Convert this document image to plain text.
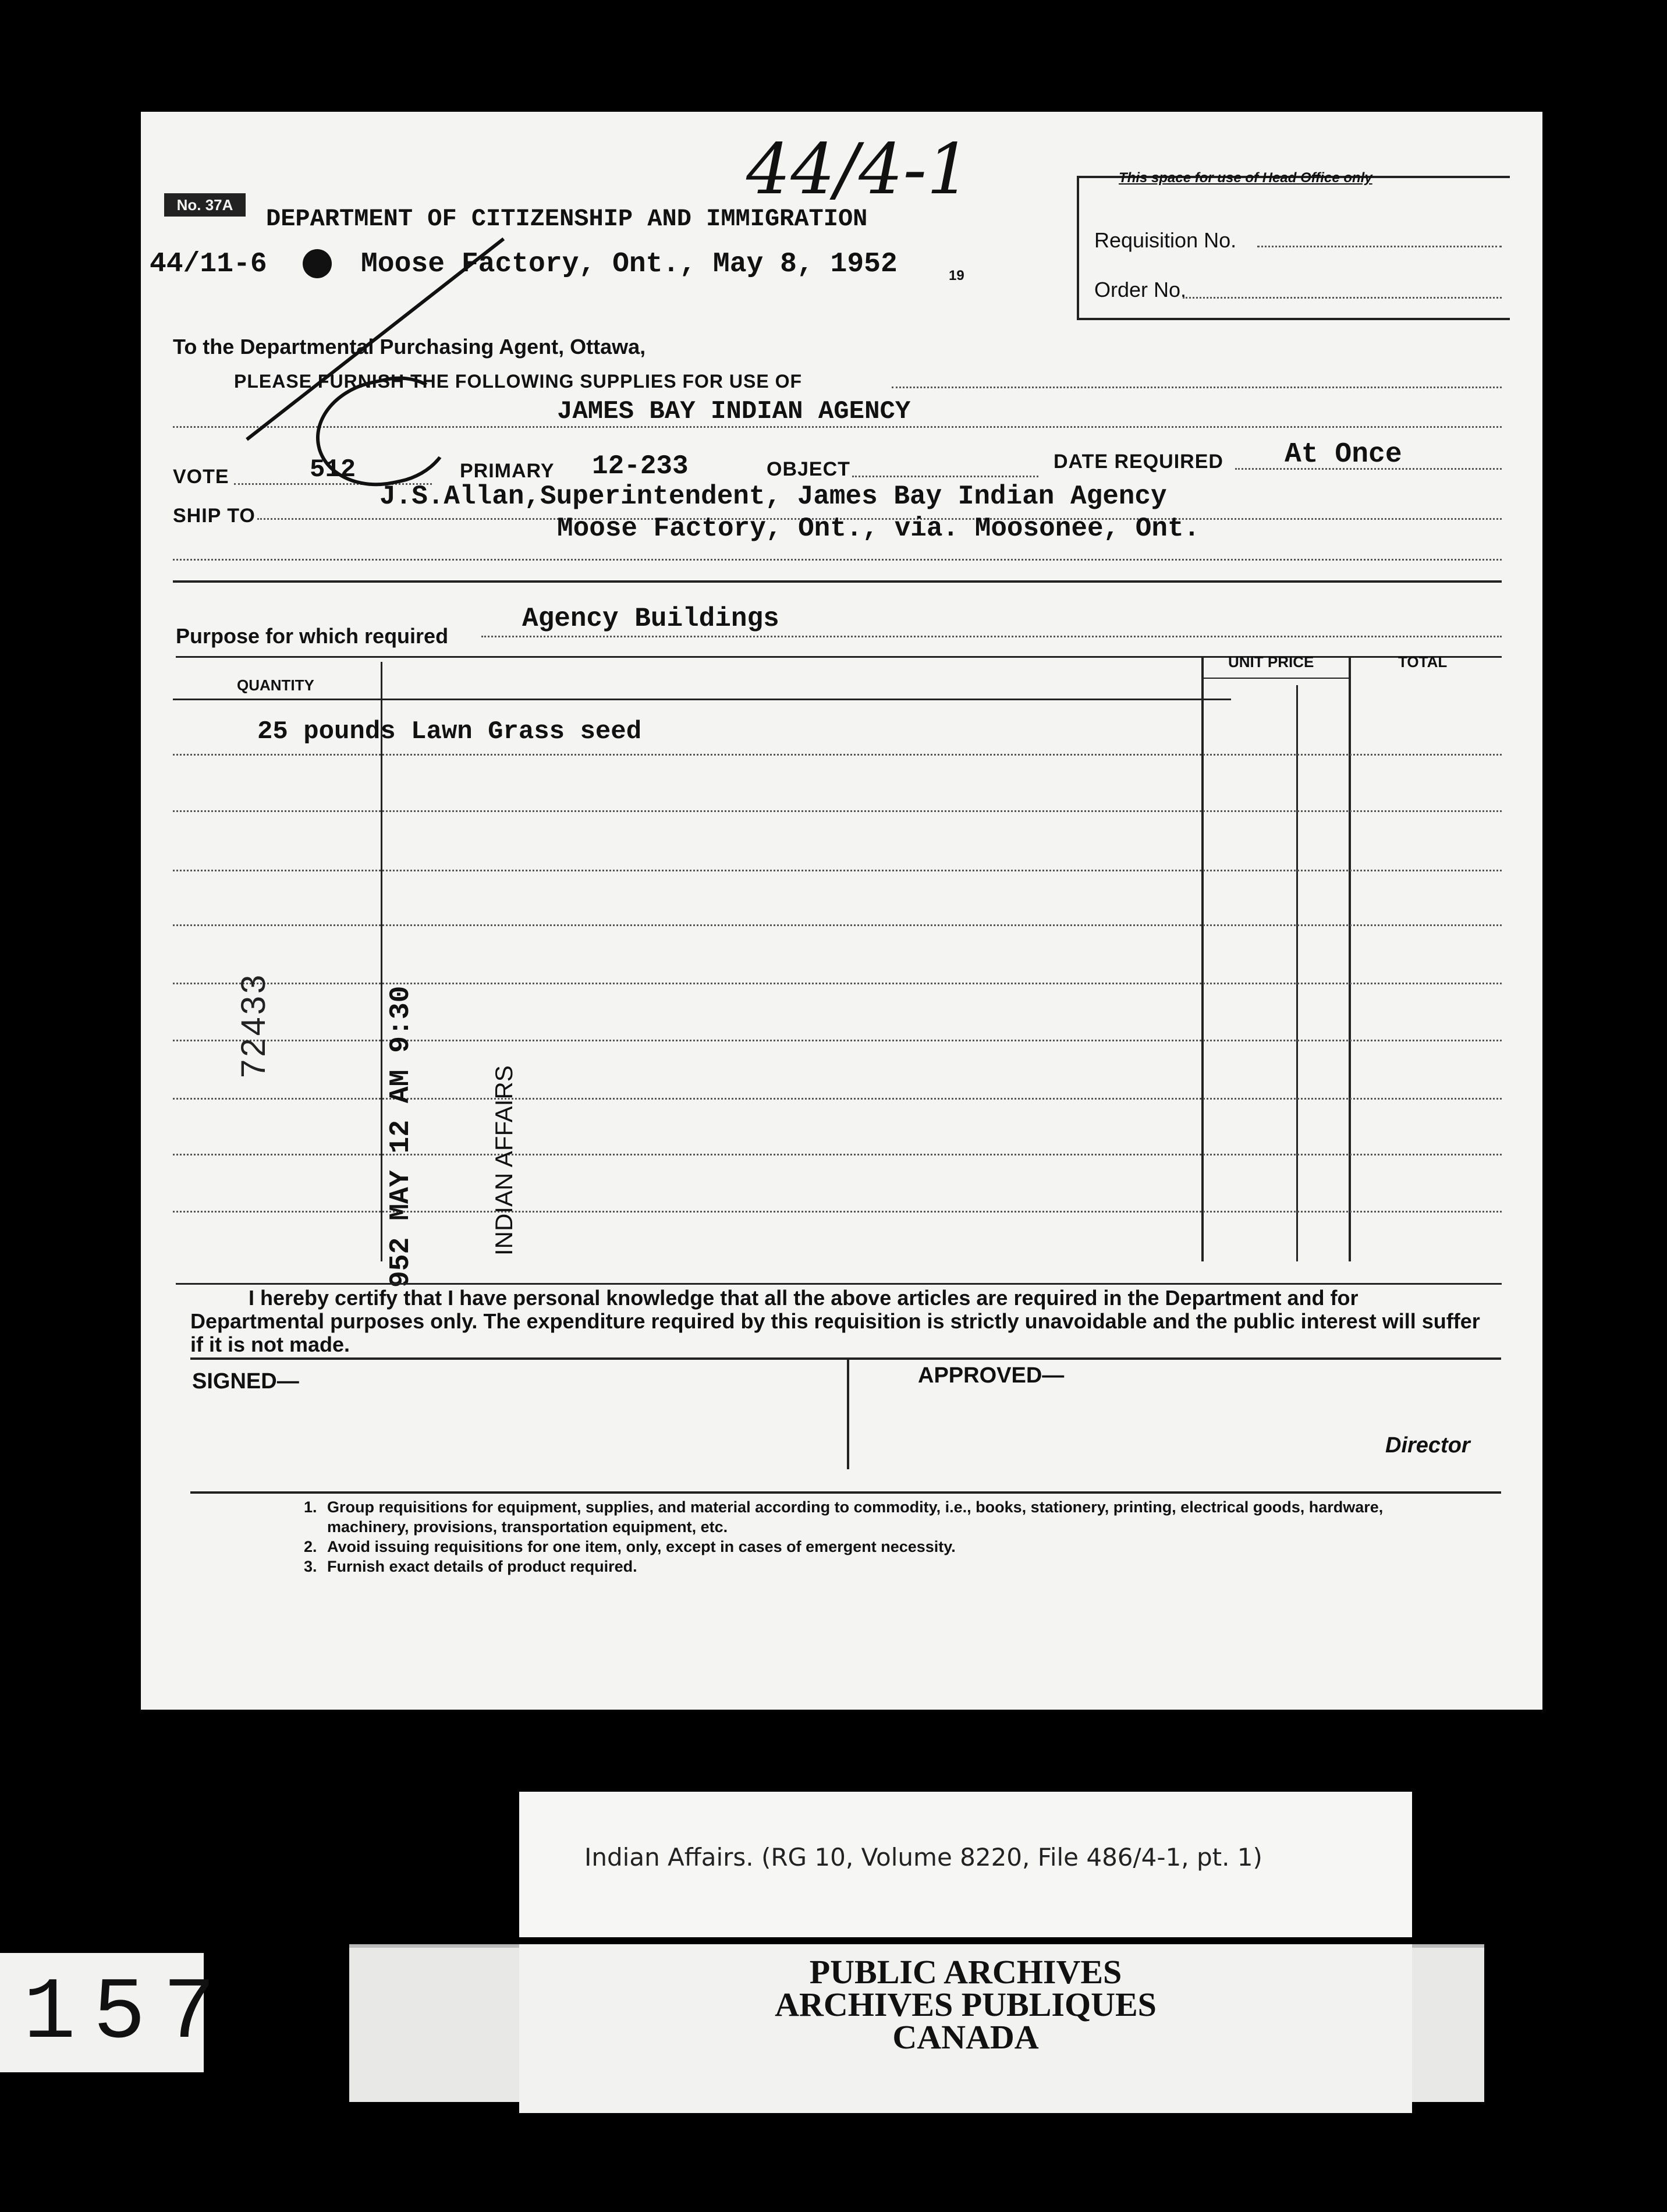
44/4-1
No. 37A	DEPARTMENT OF CITIZENSHIP AND IMMIGRATION
44/11-6	Moose Factory, Ont., May 8, 1952	19
This space for use of Head Office only
Requisition No.
Order No.
To the Departmental Purchasing Agent, Ottawa,
PLEASE FURNISH THE FOLLOWING SUPPLIES FOR USE OF
JAMES BAY INDIAN AGENCY
VOTE	512	PRIMARY 12-233	OBJECT	DATE REQUIRED At Once
SHIP TO
J.S.Allan,Superintendent, James Bay Indian Agency
Moose Factory, Ont., via. Moosonee, Ont.
Purpose for which required
Agency Buildings
QUANTITY
UNIT PRICE	TOTAL
25 pounds Lawn Grass seed
72433	952 MAY 12 AM 9:30	INDIAN AFFAIRS
I hereby certify that I have personal knowledge that all the above articles are required in the Department and for Departmental purposes only. The expenditure required by this requisition is strictly unavoidable and the public interest will suffer if it is not made.
SIGNED—	APPROVED—
Director
1. Group requisitions for equipment, supplies, and material according to commodity, i.e., books, stationery, printing, electrical goods, hardware, machinery, provisions, transportation equipment, etc.
2. Avoid issuing requisitions for one item, only, except in cases of emergent necessity.
3. Furnish exact details of product required.
Indian Affairs. (RG 10, Volume 8220, File 486/4-1, pt. 1)
PUBLIC ARCHIVES
ARCHIVES PUBLIQUES
CANADA
157
